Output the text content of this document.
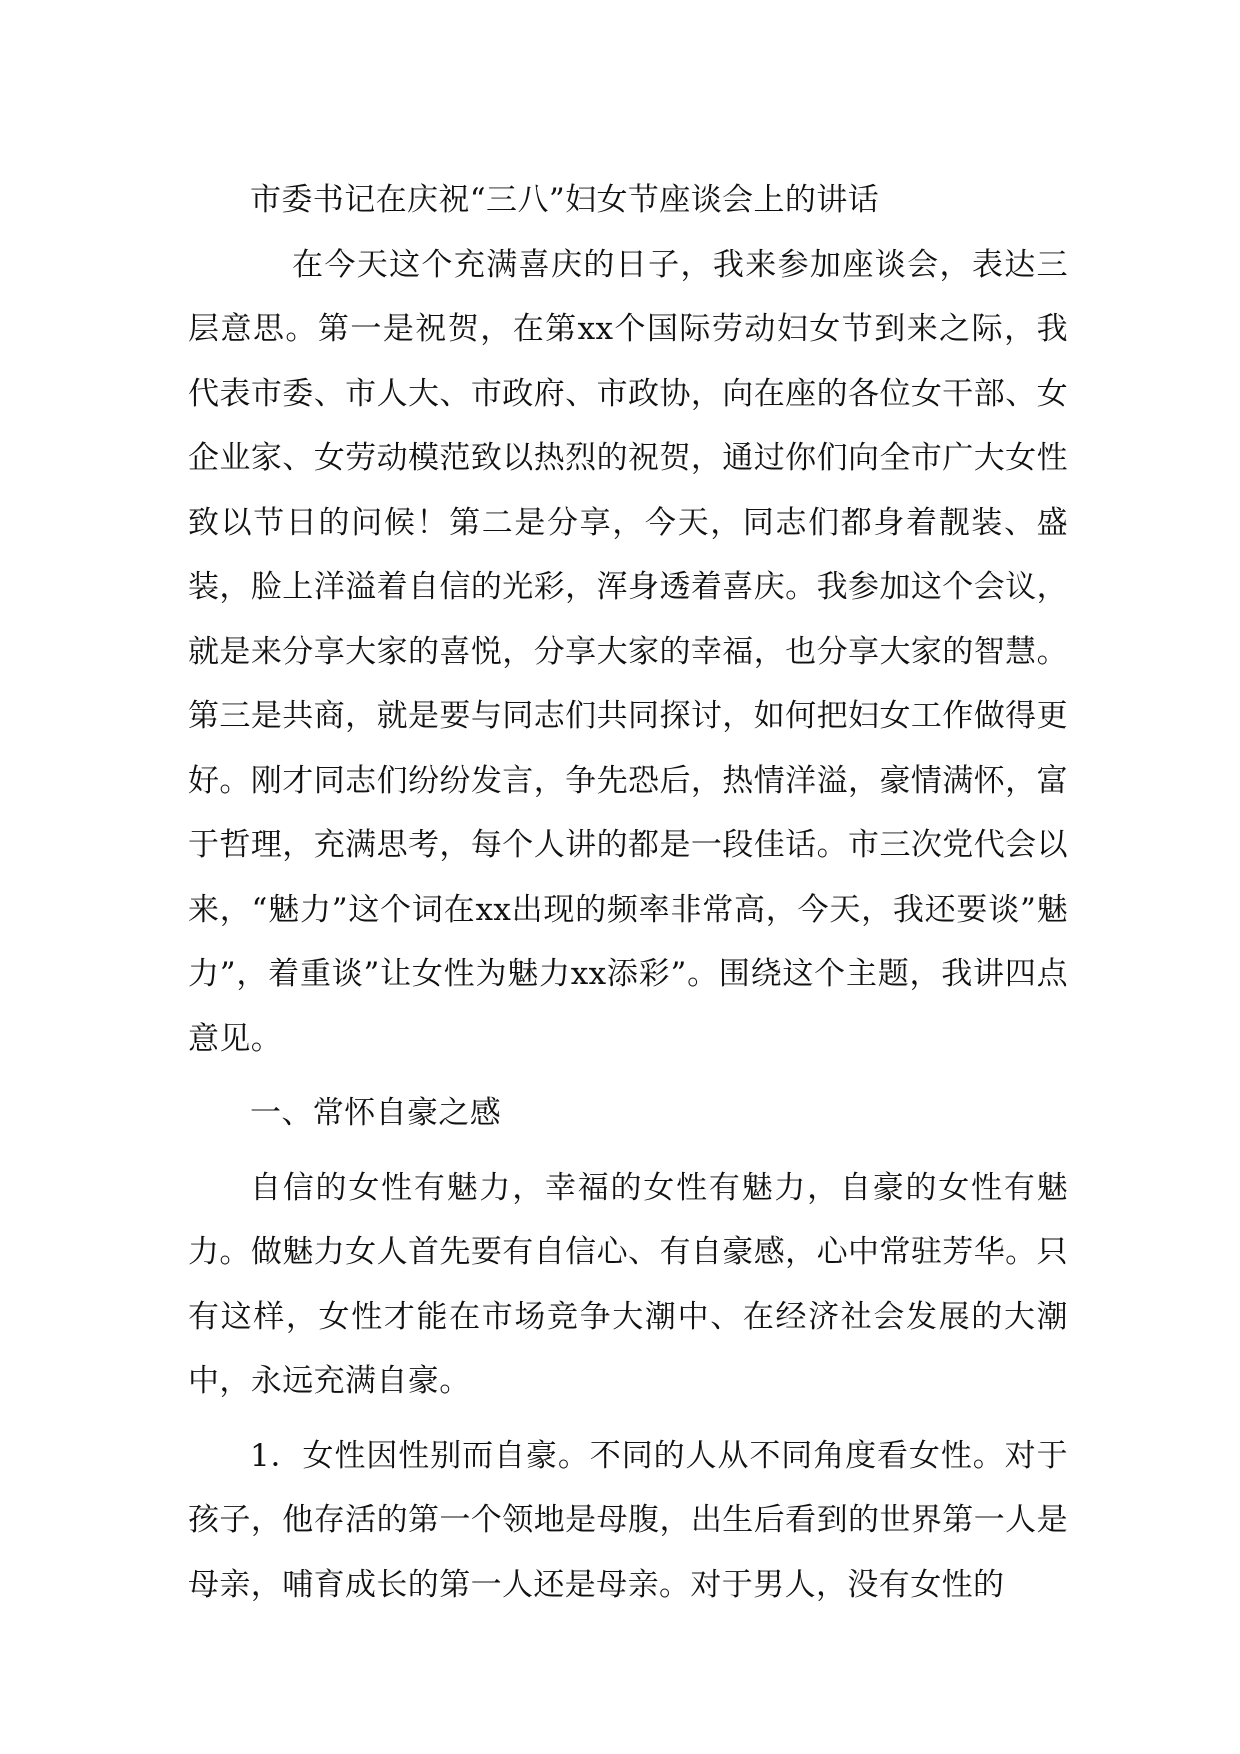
市委书记在庆祝“三八”妇女节座谈会上的讲话

在今天这个充满喜庆的日子，我来参加座谈会，表达三层意思。第一是祝贺，在第xx个国际劳动妇女节到来之际，我代表市委、市人大、市政府、市政协，向在座的各位女干部、女企业家、女劳动模范致以热烈的祝贺，通过你们向全市广大女性致以节日的问候！第二是分享，今天，同志们都身着靓装、盛装，脸上洋溢着自信的光彩，浑身透着喜庆。我参加这个会议，就是来分享大家的喜悦，分享大家的幸福，也分享大家的智慧。第三是共商，就是要与同志们共同探讨，如何把妇女工作做得更好。刚才同志们纷纷发言，争先恐后，热情洋溢，豪情满怀，富于哲理，充满思考，每个人讲的都是一段佳话。市三次党代会以来，“魅力”这个词在xx出现的频率非常高，今天，我还要谈”魅力”，着重谈”让女性为魅力xx添彩”。围绕这个主题，我讲四点意见。

一、常怀自豪之感

自信的女性有魅力，幸福的女性有魅力，自豪的女性有魅力。做魅力女人首先要有自信心、有自豪感，心中常驻芳华。只有这样，女性才能在市场竞争大潮中、在经济社会发展的大潮中，永远充满自豪。

1．女性因性别而自豪。不同的人从不同角度看女性。对于孩子，他存活的第一个领地是母腹，出生后看到的世界第一人是母亲，哺育成长的第一人还是母亲。对于男人，没有女性的
